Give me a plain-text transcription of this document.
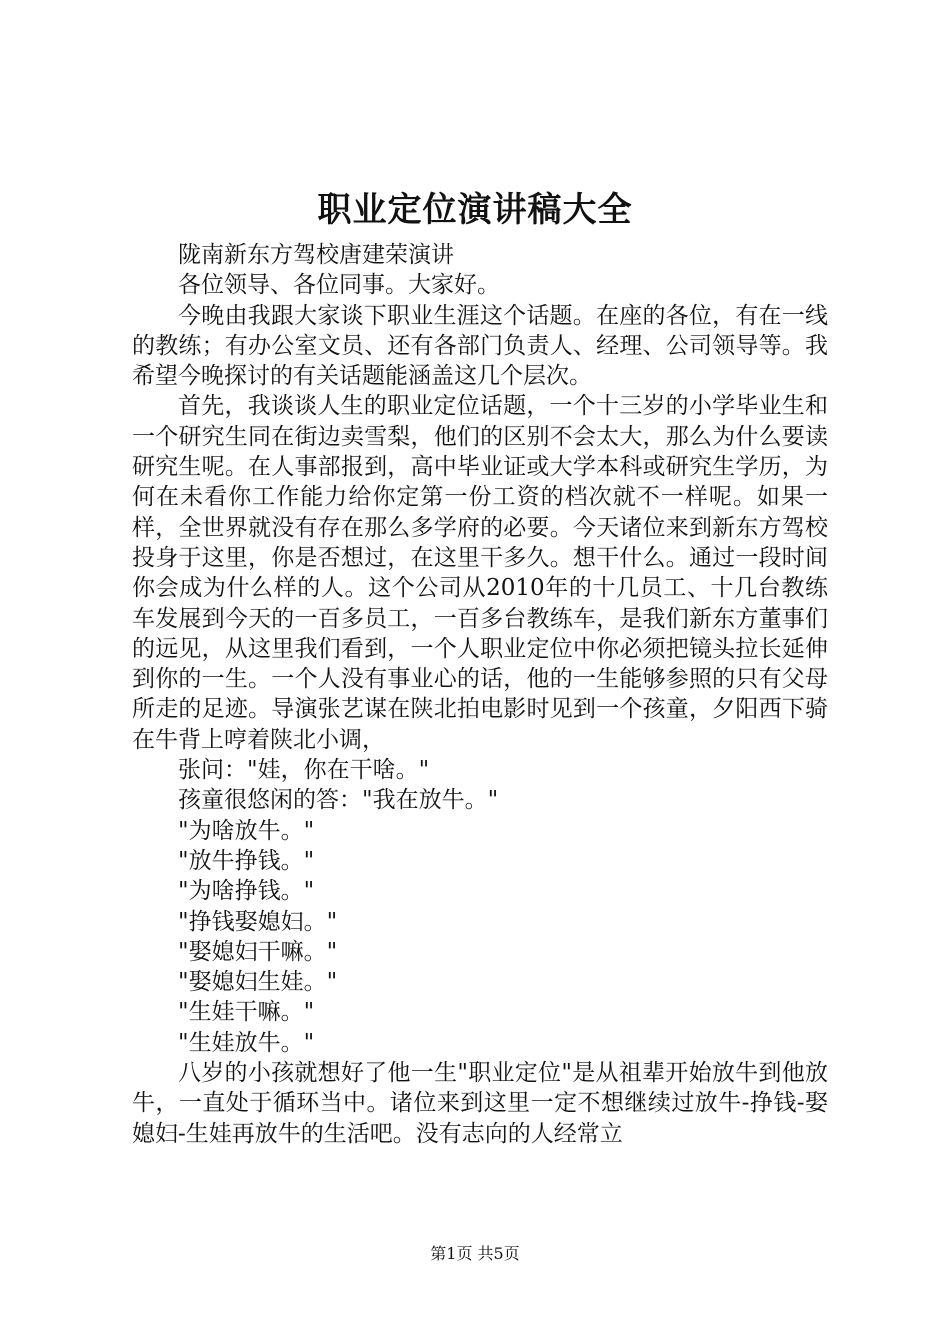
职业定位演讲稿大全

陇南新东方驾校唐建荣演讲

各位领导、各位同事。大家好。

今晚由我跟大家谈下职业生涯这个话题。在座的各位，有在一线的教练；有办公室文员、还有各部门负责人、经理、公司领导等。我希望今晚探讨的有关话题能涵盖这几个层次。

首先，我谈谈人生的职业定位话题，一个十三岁的小学毕业生和一个研究生同在街边卖雪梨，他们的区别不会太大，那么为什么要读研究生呢。在人事部报到，高中毕业证或大学本科或研究生学历，为何在未看你工作能力给你定第一份工资的档次就不一样呢。如果一样，全世界就没有存在那么多学府的必要。今天诸位来到新东方驾校投身于这里，你是否想过，在这里干多久。想干什么。通过一段时间你会成为什么样的人。这个公司从2010年的十几员工、十几台教练车发展到今天的一百多员工，一百多台教练车，是我们新东方董事们的远见，从这里我们看到，一个人职业定位中你必须把镜头拉长延伸到你的一生。一个人没有事业心的话，他的一生能够参照的只有父母所走的足迹。导演张艺谋在陕北拍电影时见到一个孩童，夕阳西下骑在牛背上哼着陕北小调，

张问："娃，你在干啥。"

孩童很悠闲的答："我在放牛。"

"为啥放牛。"

"放牛挣钱。"

"为啥挣钱。"

"挣钱娶媳妇。"

"娶媳妇干嘛。"

"娶媳妇生娃。"

"生娃干嘛。"

"生娃放牛。"

八岁的小孩就想好了他一生"职业定位"是从祖辈开始放牛到他放牛，一直处于循环当中。诸位来到这里一定不想继续过放牛-挣钱-娶媳妇-生娃再放牛的生活吧。没有志向的人经常立

第1页 共5页
